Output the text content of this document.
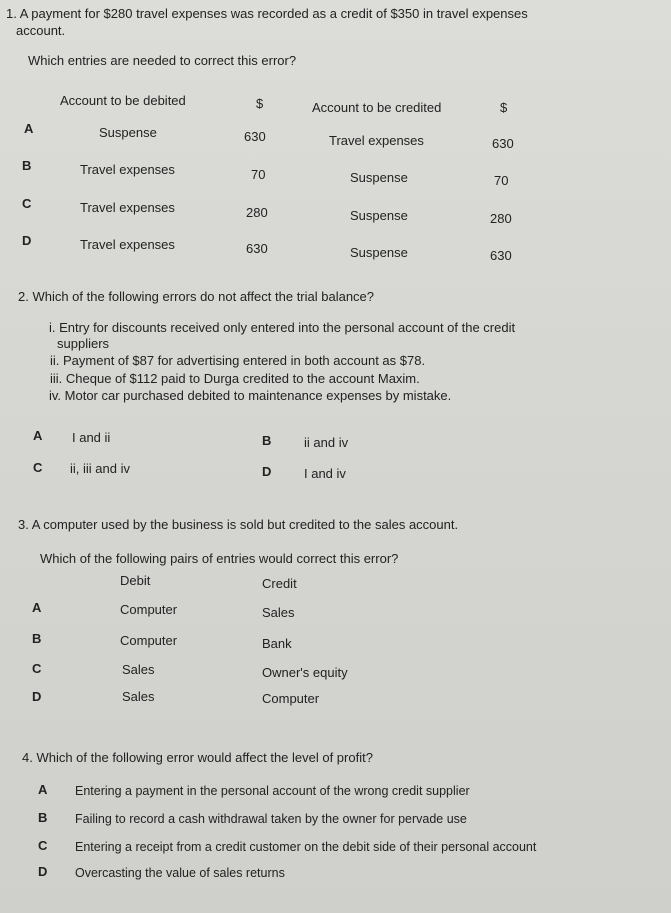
1. A payment for $280 travel expenses was recorded as a credit of $350 in travel expenses
account.
Which entries are needed to correct this error?
Account to be debited	$	Account to be credited	$
A	Suspense	630	Travel expenses	630
B	Travel expenses	70	Suspense	70
C	Travel expenses	280	Suspense	280
D	Travel expenses	630	Suspense	630
2. Which of the following errors do not affect the trial balance?
i. Entry for discounts received only entered into the personal account of the credit
suppliers
ii. Payment of $87 for advertising entered in both account as $78.
iii. Cheque of $112 paid to Durga credited to the account Maxim.
iv. Motor car purchased debited to maintenance expenses by mistake.
A I and ii	B	ii and iv
C ii, iii and iv	D	I and iv
3. A computer used by the business is sold but credited to the sales account.
Which of the following pairs of entries would correct this error?
Debit	Credit
A	Computer	Sales
B	Computer	Bank
C	Sales	Owner's equity
D	Sales	Computer
4. Which of the following error would affect the level of profit?
A Entering a payment in the personal account of the wrong credit supplier
B Failing to record a cash withdrawal taken by the owner for pervade use
C Entering a receipt from a credit customer on the debit side of their personal account
D Overcasting the value of sales returns
